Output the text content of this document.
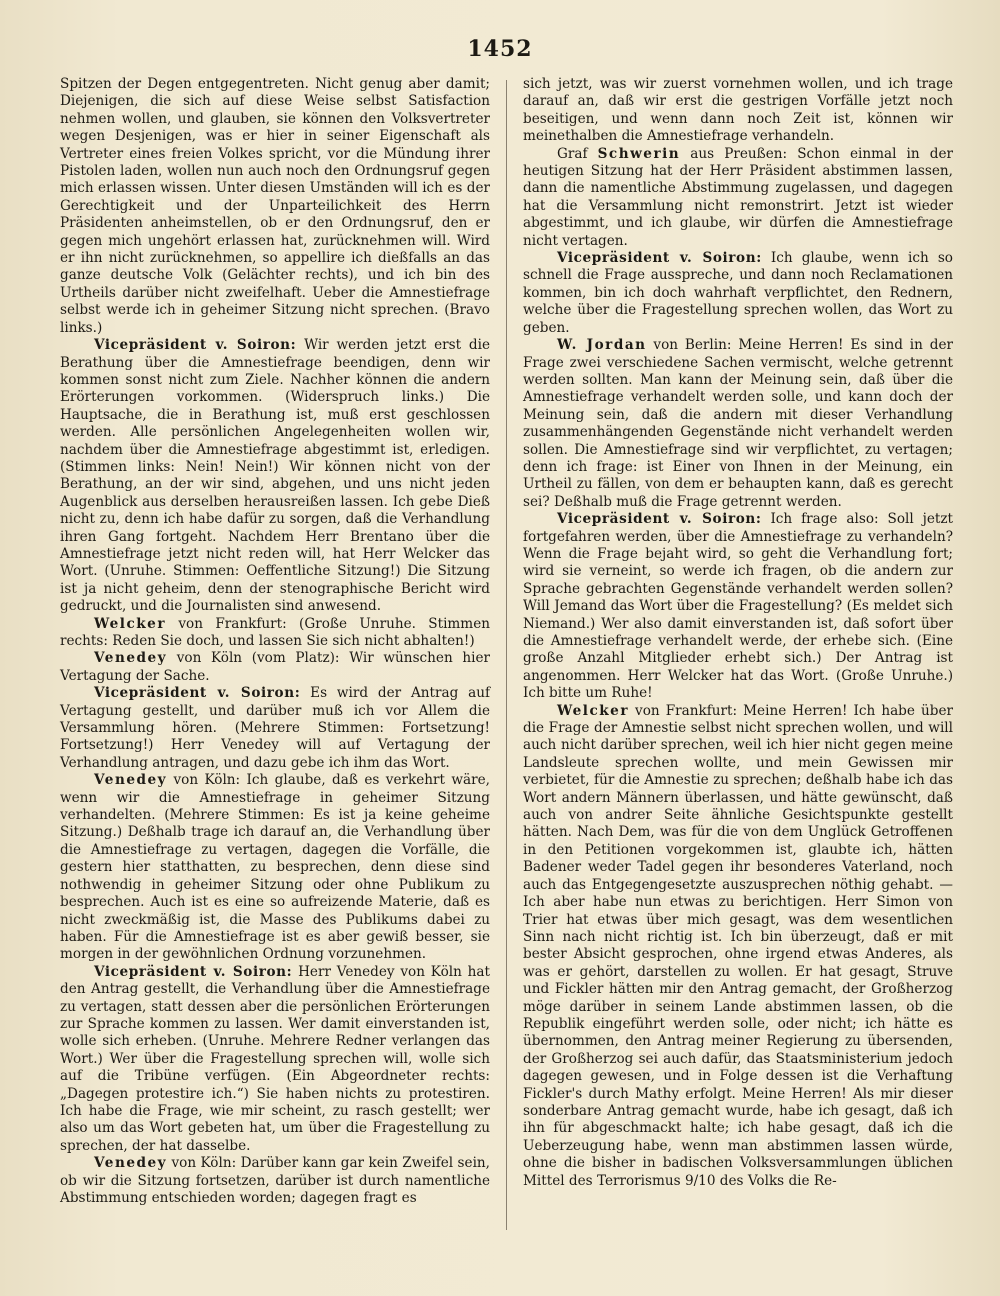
1452

Spitzen der Degen entgegentreten. Nicht genug aber damit; Diejenigen, die sich auf diese Weise selbst Satisfaction nehmen wollen, und glauben, sie können den Volksvertreter wegen Desjenigen, was er hier in seiner Eigenschaft als Vertreter eines freien Volkes spricht, vor die Mündung ihrer Pistolen laden, wollen nun auch noch den Ordnungsruf gegen mich erlassen wissen. Unter diesen Umständen will ich es der Gerechtigkeit und der Unparteilichkeit des Herrn Präsidenten anheimstellen, ob er den Ordnungsruf, den er gegen mich ungehört erlassen hat, zurücknehmen will. Wird er ihn nicht zurücknehmen, so appellire ich dießfalls an das ganze deutsche Volk (Gelächter rechts), und ich bin des Urtheils darüber nicht zweifelhaft. Ueber die Amnestiefrage selbst werde ich in geheimer Sitzung nicht sprechen. (Bravo links.)

Vicepräsident v. Soiron: Wir werden jetzt erst die Berathung über die Amnestiefrage beendigen, denn wir kommen sonst nicht zum Ziele. Nachher können die andern Erörterungen vorkommen. (Widerspruch links.) Die Hauptsache, die in Berathung ist, muß erst geschlossen werden. Alle persönlichen Angelegenheiten wollen wir, nachdem über die Amnestiefrage abgestimmt ist, erledigen. (Stimmen links: Nein! Nein!) Wir können nicht von der Berathung, an der wir sind, abgehen, und uns nicht jeden Augenblick aus derselben herausreißen lassen. Ich gebe Dieß nicht zu, denn ich habe dafür zu sorgen, daß die Verhandlung ihren Gang fortgeht. Nachdem Herr Brentano über die Amnestiefrage jetzt nicht reden will, hat Herr Welcker das Wort. (Unruhe. Stimmen: Oeffentliche Sitzung!) Die Sitzung ist ja nicht geheim, denn der stenographische Bericht wird gedruckt, und die Journalisten sind anwesend.

Welcker von Frankfurt: (Große Unruhe. Stimmen rechts: Reden Sie doch, und lassen Sie sich nicht abhalten!)

Venedey von Köln (vom Platz): Wir wünschen hier Vertagung der Sache.

Vicepräsident v. Soiron: Es wird der Antrag auf Vertagung gestellt, und darüber muß ich vor Allem die Versammlung hören. (Mehrere Stimmen: Fortsetzung! Fortsetzung!) Herr Venedey will auf Vertagung der Verhandlung antragen, und dazu gebe ich ihm das Wort.

Venedey von Köln: Ich glaube, daß es verkehrt wäre, wenn wir die Amnestiefrage in geheimer Sitzung verhandelten. (Mehrere Stimmen: Es ist ja keine geheime Sitzung.) Deßhalb trage ich darauf an, die Verhandlung über die Amnestiefrage zu vertagen, dagegen die Vorfälle, die gestern hier statthatten, zu besprechen, denn diese sind nothwendig in geheimer Sitzung oder ohne Publikum zu besprechen. Auch ist es eine so aufreizende Materie, daß es nicht zweckmäßig ist, die Masse des Publikums dabei zu haben. Für die Amnestiefrage ist es aber gewiß besser, sie morgen in der gewöhnlichen Ordnung vorzunehmen.

Vicepräsident v. Soiron: Herr Venedey von Köln hat den Antrag gestellt, die Verhandlung über die Amnestiefrage zu vertagen, statt dessen aber die persönlichen Erörterungen zur Sprache kommen zu lassen. Wer damit einverstanden ist, wolle sich erheben. (Unruhe. Mehrere Redner verlangen das Wort.) Wer über die Fragestellung sprechen will, wolle sich auf die Tribüne verfügen. (Ein Abgeordneter rechts: „Dagegen protestire ich.“) Sie haben nichts zu protestiren. Ich habe die Frage, wie mir scheint, zu rasch gestellt; wer also um das Wort gebeten hat, um über die Fragestellung zu sprechen, der hat dasselbe.

Venedey von Köln: Darüber kann gar kein Zweifel sein, ob wir die Sitzung fortsetzen, darüber ist durch namentliche Abstimmung entschieden worden; dagegen fragt es

sich jetzt, was wir zuerst vornehmen wollen, und ich trage darauf an, daß wir erst die gestrigen Vorfälle jetzt noch beseitigen, und wenn dann noch Zeit ist, können wir meinethalben die Amnestiefrage verhandeln.

Graf Schwerin aus Preußen: Schon einmal in der heutigen Sitzung hat der Herr Präsident abstimmen lassen, dann die namentliche Abstimmung zugelassen, und dagegen hat die Versammlung nicht remonstrirt. Jetzt ist wieder abgestimmt, und ich glaube, wir dürfen die Amnestiefrage nicht vertagen.

Vicepräsident v. Soiron: Ich glaube, wenn ich so schnell die Frage ausspreche, und dann noch Reclamationen kommen, bin ich doch wahrhaft verpflichtet, den Rednern, welche über die Fragestellung sprechen wollen, das Wort zu geben.

W. Jordan von Berlin: Meine Herren! Es sind in der Frage zwei verschiedene Sachen vermischt, welche getrennt werden sollten. Man kann der Meinung sein, daß über die Amnestiefrage verhandelt werden solle, und kann doch der Meinung sein, daß die andern mit dieser Verhandlung zusammenhängenden Gegenstände nicht verhandelt werden sollen. Die Amnestiefrage sind wir verpflichtet, zu vertagen; denn ich frage: ist Einer von Ihnen in der Meinung, ein Urtheil zu fällen, von dem er behaupten kann, daß es gerecht sei? Deßhalb muß die Frage getrennt werden.

Vicepräsident v. Soiron: Ich frage also: Soll jetzt fortgefahren werden, über die Amnestiefrage zu verhandeln? Wenn die Frage bejaht wird, so geht die Verhandlung fort; wird sie verneint, so werde ich fragen, ob die andern zur Sprache gebrachten Gegenstände verhandelt werden sollen? Will Jemand das Wort über die Fragestellung? (Es meldet sich Niemand.) Wer also damit einverstanden ist, daß sofort über die Amnestiefrage verhandelt werde, der erhebe sich. (Eine große Anzahl Mitglieder erhebt sich.) Der Antrag ist angenommen. Herr Welcker hat das Wort. (Große Unruhe.) Ich bitte um Ruhe!

Welcker von Frankfurt: Meine Herren! Ich habe über die Frage der Amnestie selbst nicht sprechen wollen, und will auch nicht darüber sprechen, weil ich hier nicht gegen meine Landsleute sprechen wollte, und mein Gewissen mir verbietet, für die Amnestie zu sprechen; deßhalb habe ich das Wort andern Männern überlassen, und hätte gewünscht, daß auch von andrer Seite ähnliche Gesichtspunkte gestellt hätten. Nach Dem, was für die von dem Unglück Getroffenen in den Petitionen vorgekommen ist, glaubte ich, hätten Badener weder Tadel gegen ihr besonderes Vaterland, noch auch das Entgegengesetzte auszusprechen nöthig gehabt. — Ich aber habe nun etwas zu berichtigen. Herr Simon von Trier hat etwas über mich gesagt, was dem wesentlichen Sinn nach nicht richtig ist. Ich bin überzeugt, daß er mit bester Absicht gesprochen, ohne irgend etwas Anderes, als was er gehört, darstellen zu wollen. Er hat gesagt, Struve und Fickler hätten mir den Antrag gemacht, der Großherzog möge darüber in seinem Lande abstimmen lassen, ob die Republik eingeführt werden solle, oder nicht; ich hätte es übernommen, den Antrag meiner Regierung zu übersenden, der Großherzog sei auch dafür, das Staatsministerium jedoch dagegen gewesen, und in Folge dessen ist die Verhaftung Fickler's durch Mathy erfolgt. Meine Herren! Als mir dieser sonderbare Antrag gemacht wurde, habe ich gesagt, daß ich ihn für abgeschmackt halte; ich habe gesagt, daß ich die Ueberzeugung habe, wenn man abstimmen lassen würde, ohne die bisher in badischen Volksversammlungen üblichen Mittel des Terrorismus 9/10 des Volks die Re-
